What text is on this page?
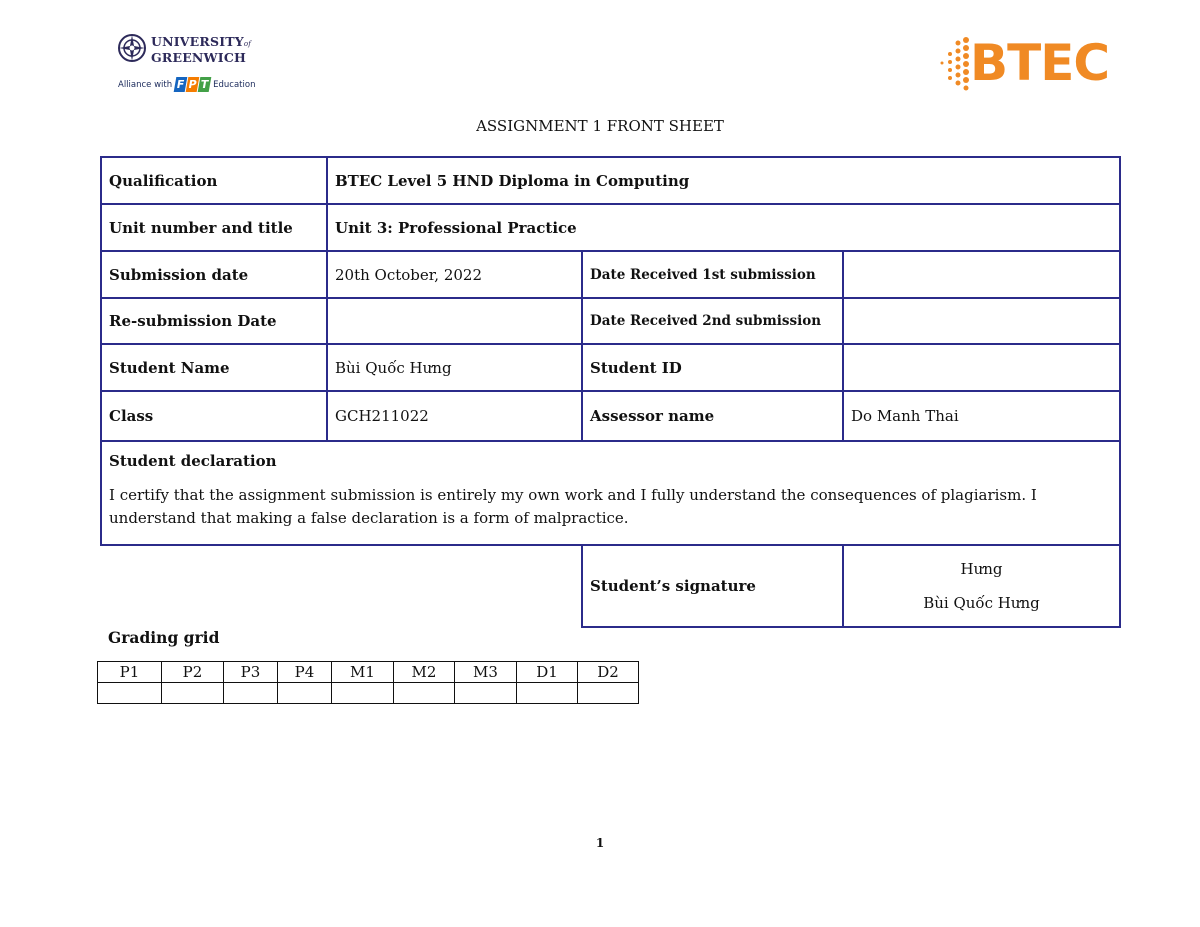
UNIVERSITYof
GREENWICH
Alliance with F P T Education	BTEC
ASSIGNMENT 1 FRONT SHEET
Qualification	BTEC Level 5 HND Diploma in Computing		
Unit number and title	Unit 3: Professional Practice		
Submission date	20th October, 2022	Date Received 1st submission	
Re-submission Date		Date Received 2nd submission	
Student Name	Bùi Quốc Hưng	Student ID	
Class	GCH211022	Assessor name	Do Manh Thai

Student declaration
I certify that the assignment submission is entirely my own work and I fully understand the consequences of plagiarism. I understand that making a false declaration is a form of malpractice.			
Student’s signature	
Hưng
Bùi Quốc Hưng
Grading grid
P1	P2	P3	P4	M1	M2	M3	D1	D2

1
